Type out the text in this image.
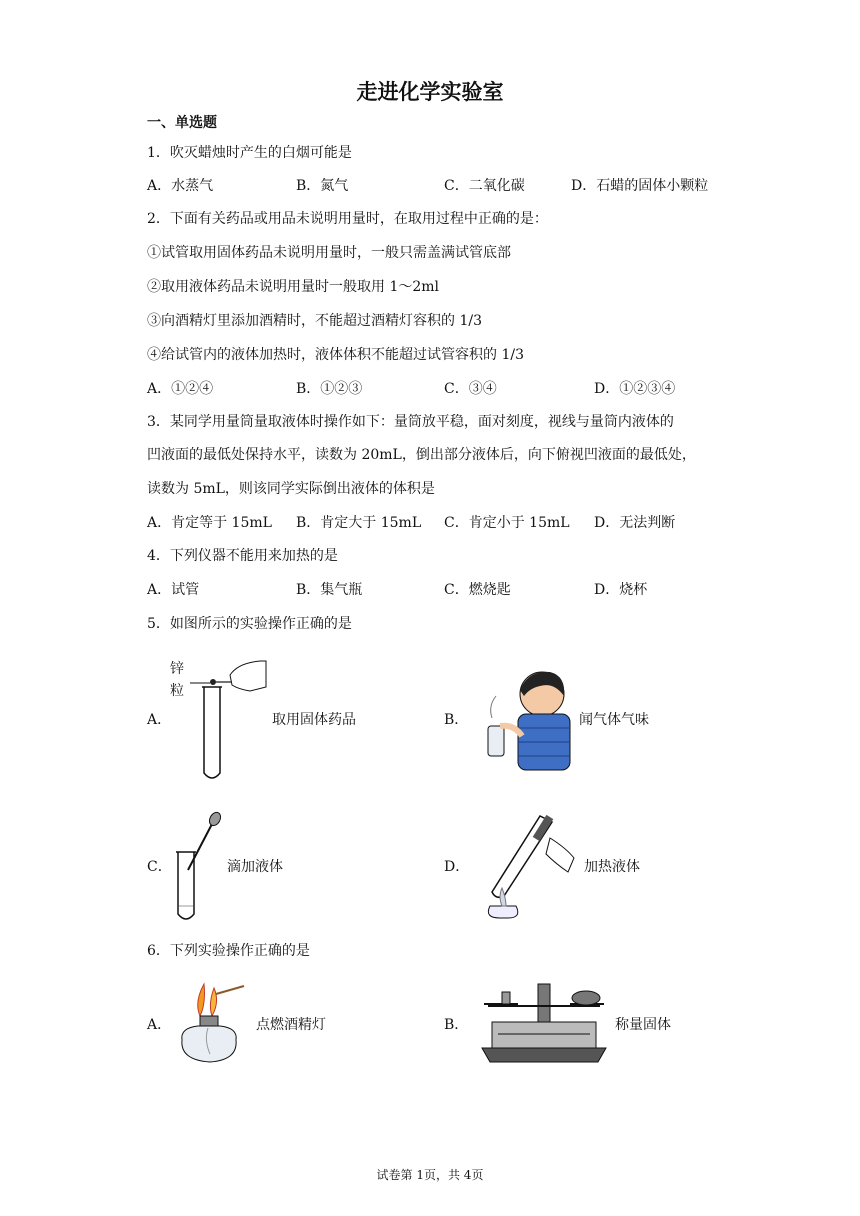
走进化学实验室
一、单选题
1．吹灭蜡烛时产生的白烟可能是
A．水蒸气	B．氮气	C．二氧化碳	D．石蜡的固体小颗粒
2．下面有关药品或用品未说明用量时，在取用过程中正确的是：
①试管取用固体药品未说明用量时，一般只需盖满试管底部
②取用液体药品未说明用量时一般取用 1～2ml
③向酒精灯里添加酒精时，不能超过酒精灯容积的 1/3
④给试管内的液体加热时，液体体积不能超过试管容积的 1/3
A．①②④	B．①②③	C．③④	D．①②③④
3．某同学用量筒量取液体时操作如下：量筒放平稳，面对刻度，视线与量筒内液体的
凹液面的最低处保持水平，读数为 20mL，倒出部分液体后，向下俯视凹液面的最低处，
读数为 5mL，则该同学实际倒出液体的体积是
A．肯定等于 15mL B．肯定大于 15mL C．肯定小于 15mL D．无法判断
4．下列仪器不能用来加热的是
A．试管	B．集气瓶	C．燃烧匙	D．烧杯
5．如图所示的实验操作正确的是
A．
锌
粒
取用固体药品	B．	闻气体气味
C．	滴加液体	D．	加热液体
6．下列实验操作正确的是
A．	点燃酒精灯	B．	称量固体
试卷第 1页，共 4页
